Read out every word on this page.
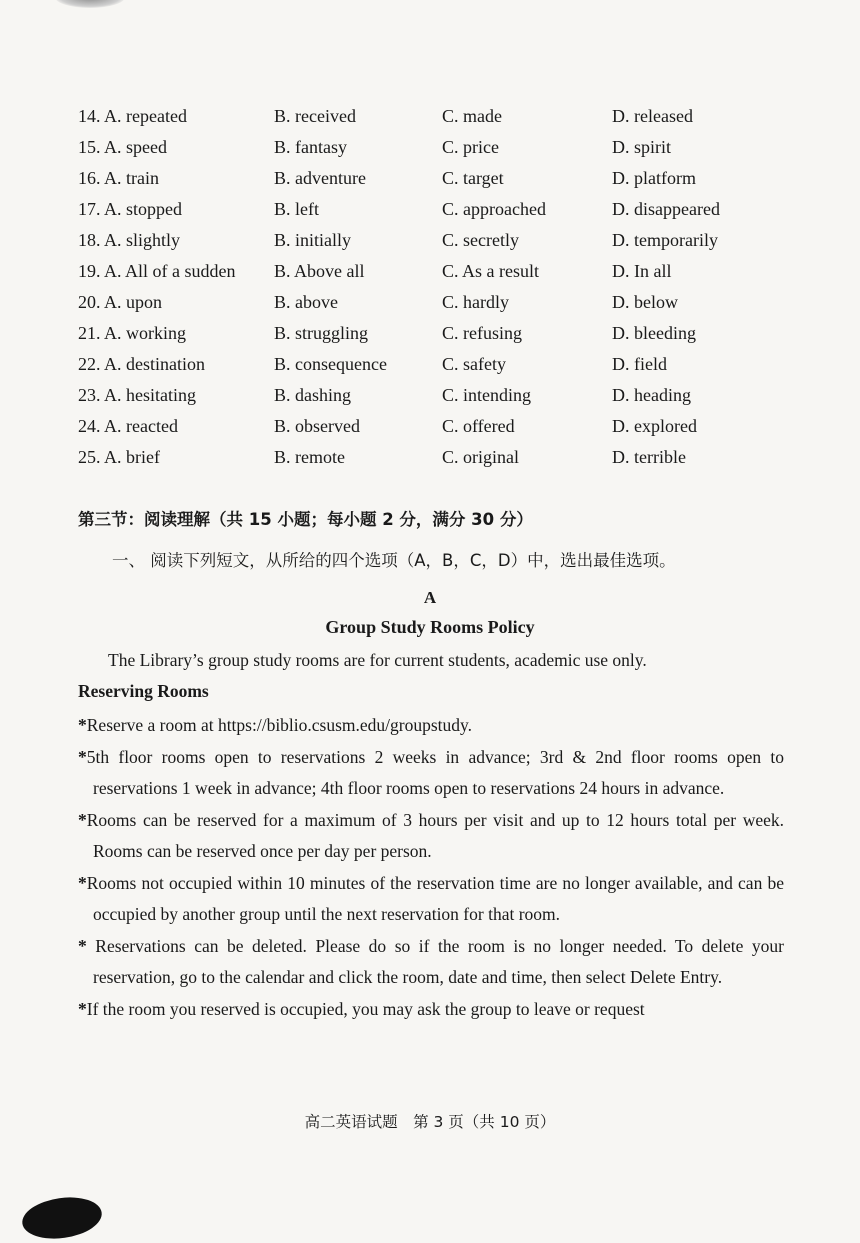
14. A. repeated	B. received	C. made	D. released
15. A. speed	B. fantasy	C. price	D. spirit
16. A. train	B. adventure	C. target	D. platform
17. A. stopped	B. left	C. approached	D. disappeared
18. A. slightly	B. initially	C. secretly	D. temporarily
19. A. All of a sudden B. Above all	C. As a result	D. In all
20. A. upon	B. above	C. hardly	D. below
21. A. working	B. struggling	C. refusing	D. bleeding
22. A. destination	B. consequence	C. safety	D. field
23. A. hesitating	B. dashing	C. intending	D. heading
24. A. reacted	B. observed	C. offered	D. explored
25. A. brief	B. remote	C. original	D. terrible
第三节：阅读理解（共 15 小题；每小题 2 分，满分 30 分）
一、 阅读下列短文，从所给的四个选项（A，B，C，D）中，选出最佳选项。
A
Group Study Rooms Policy
The Library’s group study rooms are for current students, academic use only.
Reserving Rooms

*Reserve a room at https://biblio.csusm.edu/groupstudy.

*5th floor rooms open to reservations 2 weeks in advance; 3rd & 2nd floor rooms open to reservations 1 week in advance; 4th floor rooms open to reservations 24 hours in advance.

*Rooms can be reserved for a maximum of 3 hours per visit and up to 12 hours total per week. Rooms can be reserved once per day per person.

*Rooms not occupied within 10 minutes of the reservation time are no longer available, and can be occupied by another group until the next reservation for that room.

* Reservations can be deleted. Please do so if the room is no longer needed. To delete your reservation, go to the calendar and click the room, date and time, then select Delete Entry.

*If the room you reserved is occupied, you may ask the group to leave or request

高二英语试题　第 3 页（共 10 页）
